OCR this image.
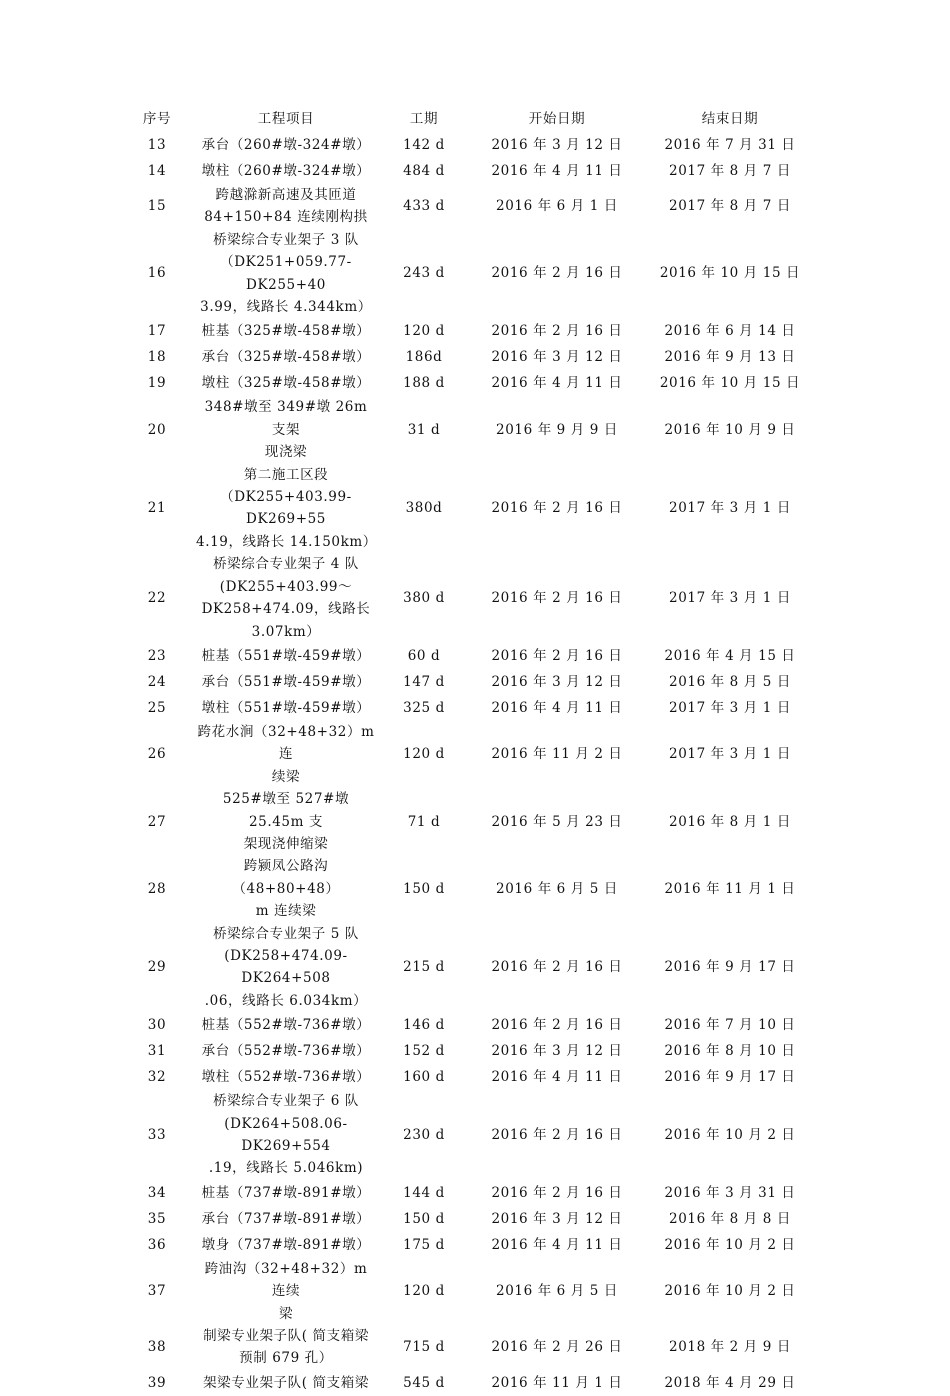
序号	工程项目	工期	开始日期	结束日期
13	承台（260#墩-324#墩）	142 d	2016 年 3 月 12 日	2016 年 7 月 31 日
14	墩柱（260#墩-324#墩）	484 d	2016 年 4 月 11 日	2017 年 8 月 7 日
15	跨越滁新高速及其匝道
84+150+84 连续刚构拱	433 d	2016 年 6 月 1 日	2017 年 8 月 7 日
16	桥梁综合专业架子 3 队
（DK251+059.77-DK255+40
3.99，线路长 4.344km）	243 d	2016 年 2 月 16 日	2016 年 10 月 15 日
17	桩基（325#墩-458#墩）	120 d	2016 年 2 月 16 日	2016 年 6 月 14 日
18	承台（325#墩-458#墩）	186d	2016 年 3 月 12 日	2016 年 9 月 13 日
19	墩柱（325#墩-458#墩）	188 d	2016 年 4 月 11 日	2016 年 10 月 15 日
20	348#墩至 349#墩 26m 支架
现浇梁	31 d	2016 年 9 月 9 日	2016 年 10 月 9 日
21	第二施工区段
（DK255+403.99-DK269+55
4.19，线路长 14.150km）	380d	2016 年 2 月 16 日	2017 年 3 月 1 日
22	桥梁综合专业架子 4 队
(DK255+403.99～
DK258+474.09，线路长
3.07km）	380 d	2016 年 2 月 16 日	2017 年 3 月 1 日
23	桩基（551#墩-459#墩）	60 d	2016 年 2 月 16 日	2016 年 4 月 15 日
24	承台（551#墩-459#墩）	147 d	2016 年 3 月 12 日	2016 年 8 月 5 日
25	墩柱（551#墩-459#墩）	325 d	2016 年 4 月 11 日	2017 年 3 月 1 日
26	跨花水涧（32+48+32）m 连
续梁	120 d	2016 年 11 月 2 日	2017 年 3 月 1 日
27	525#墩至 527#墩 25.45m 支
架现浇伸缩梁	71 d	2016 年 5 月 23 日	2016 年 8 月 1 日
28	跨颍凤公路沟（48+80+48）
m 连续梁	150 d	2016 年 6 月 5 日	2016 年 11 月 1 日
29	桥梁综合专业架子 5 队
(DK258+474.09-DK264+508
.06，线路长 6.034km）	215 d	2016 年 2 月 16 日	2016 年 9 月 17 日
30	桩基（552#墩-736#墩）	146 d	2016 年 2 月 16 日	2016 年 7 月 10 日
31	承台（552#墩-736#墩）	152 d	2016 年 3 月 12 日	2016 年 8 月 10 日
32	墩柱（552#墩-736#墩）	160 d	2016 年 4 月 11 日	2016 年 9 月 17 日
33	桥梁综合专业架子 6 队
(DK264+508.06-DK269+554
.19，线路长 5.046km)	230 d	2016 年 2 月 16 日	2016 年 10 月 2 日
34	桩基（737#墩-891#墩）	144 d	2016 年 2 月 16 日	2016 年 3 月 31 日
35	承台（737#墩-891#墩）	150 d	2016 年 3 月 12 日	2016 年 8 月 8 日
36	墩身（737#墩-891#墩）	175 d	2016 年 4 月 11 日	2016 年 10 月 2 日
37	跨油沟（32+48+32）m 连续
梁	120 d	2016 年 6 月 5 日	2016 年 10 月 2 日
38	制梁专业架子队( 简支箱梁
预制 679 孔）	715 d	2016 年 2 月 26 日	2018 年 2 月 9 日
39	架梁专业架子队( 简支箱梁	545 d	2016 年 11 月 1 日	2018 年 4 月 29 日
